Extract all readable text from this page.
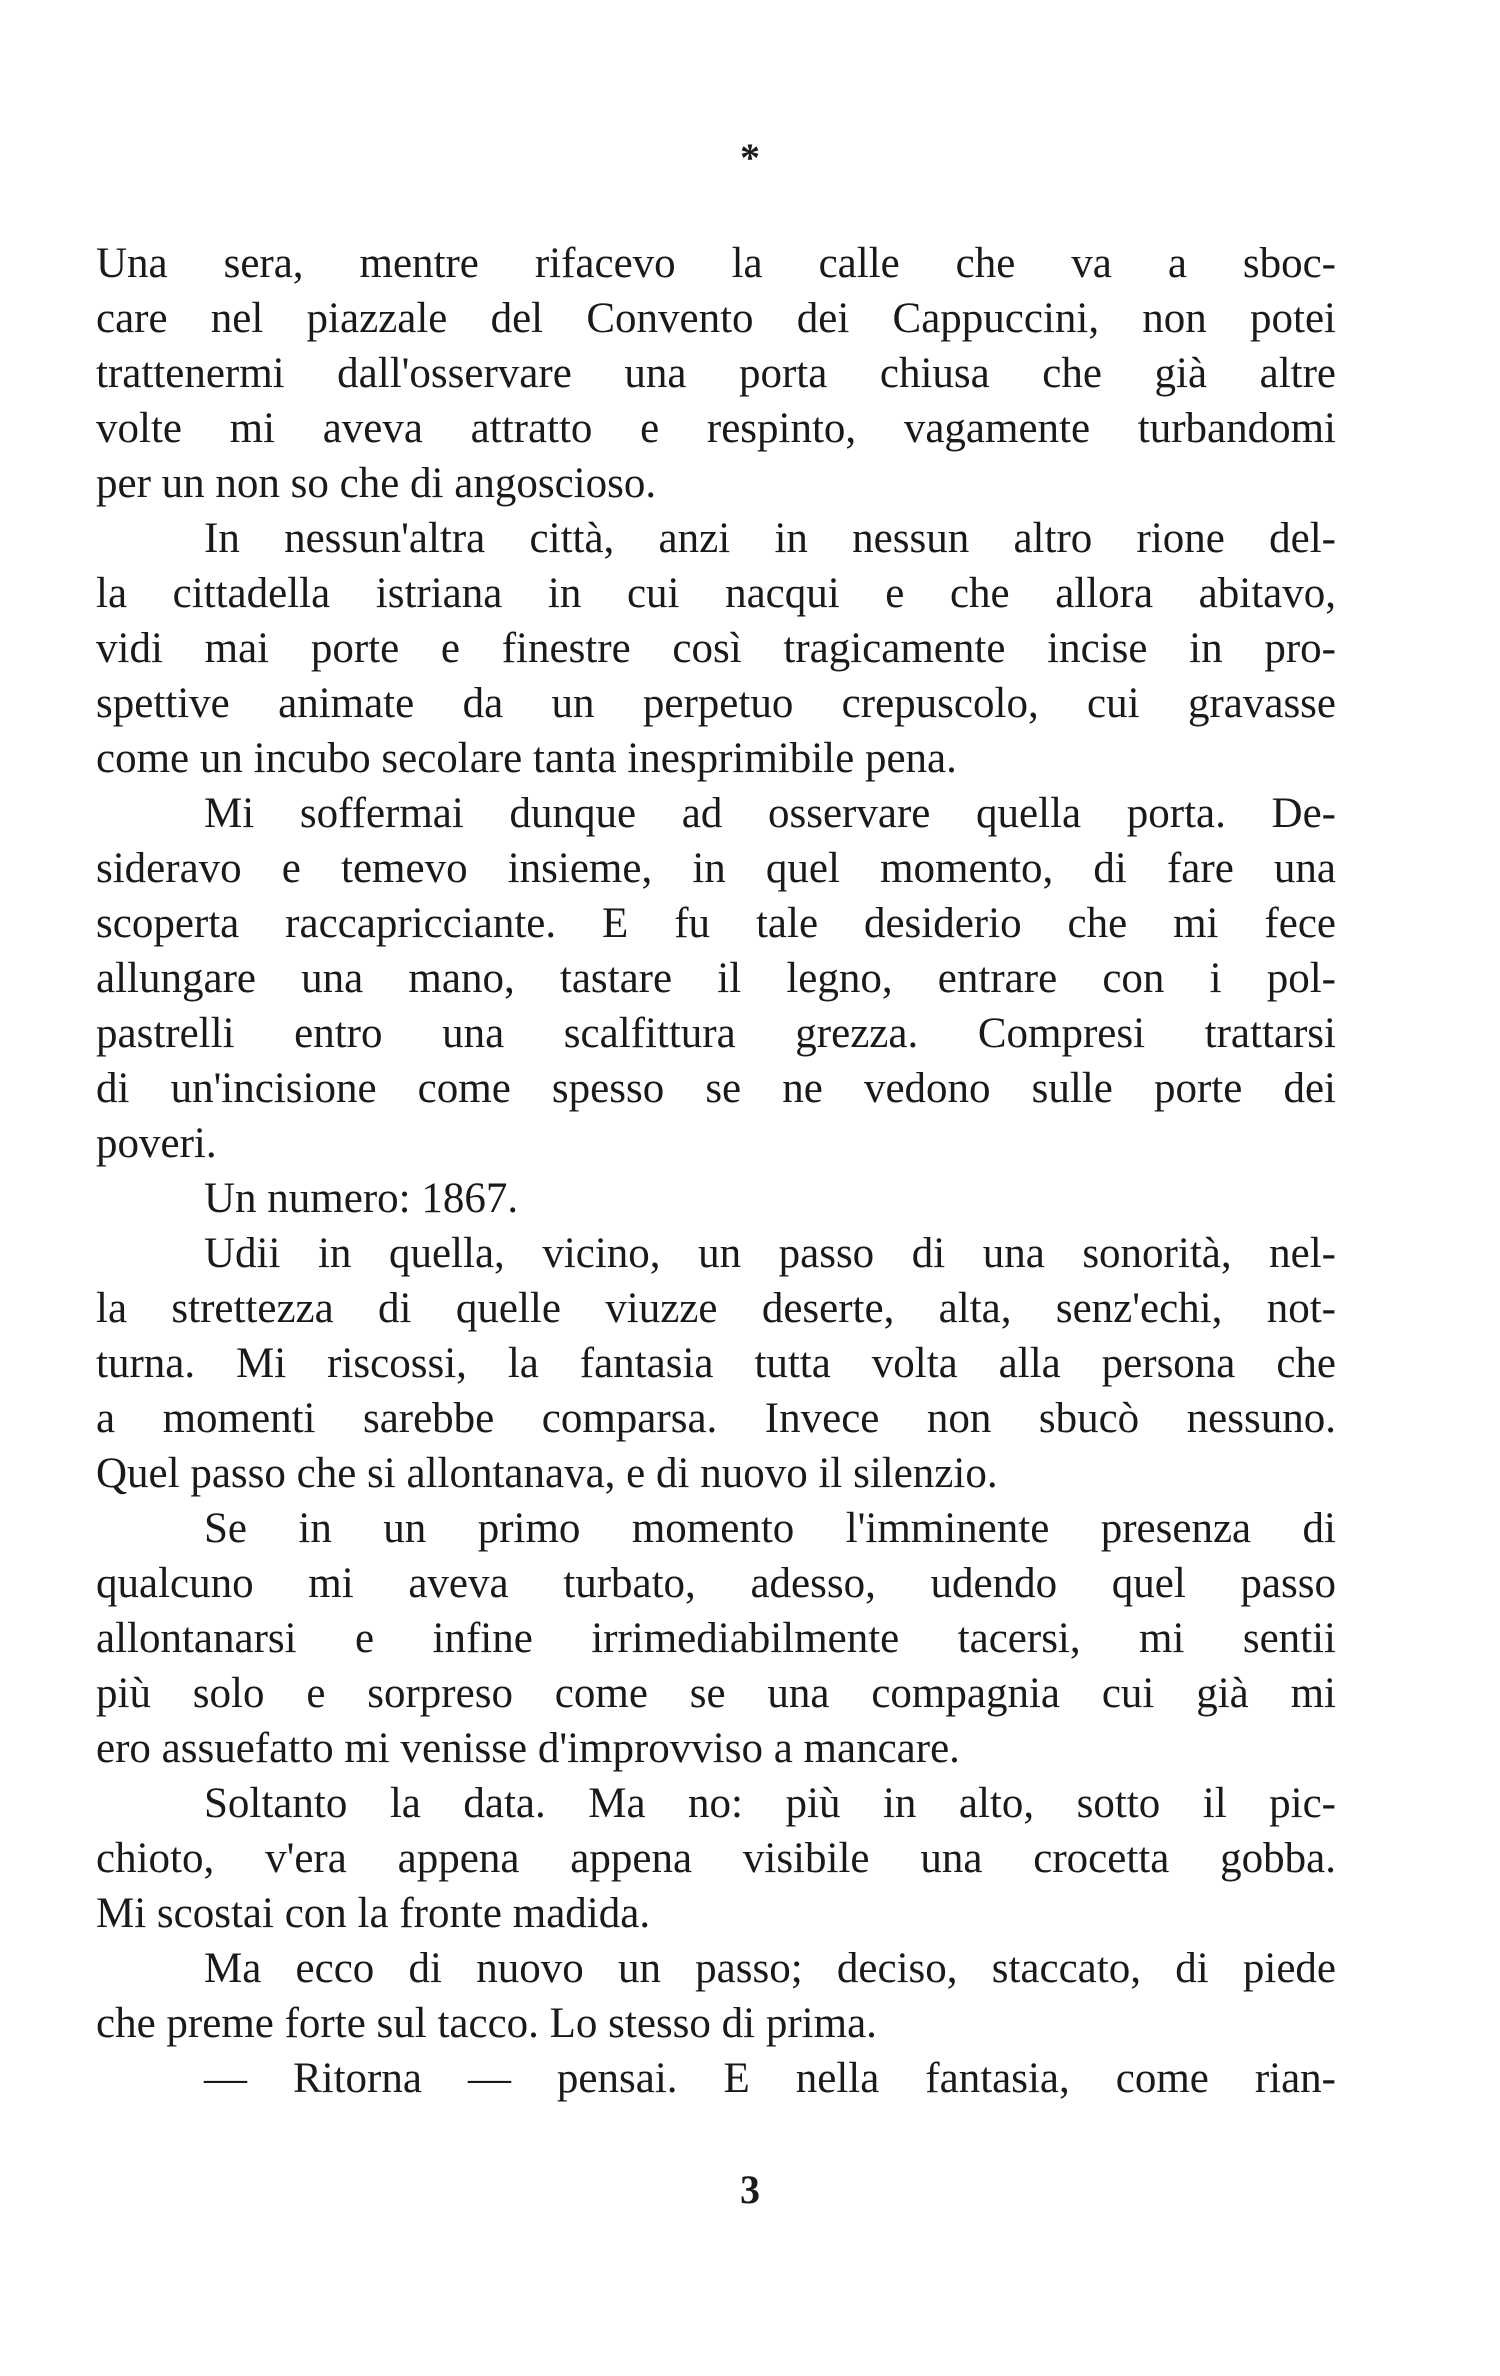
*
Una sera, mentre rifacevo la calle che va a sboc-
care nel piazzale del Convento dei Cappuccini, non potei
trattenermi dall'osservare una porta chiusa che già altre
volte mi aveva attratto e respinto, vagamente turbandomi
per un non so che di angoscioso.
In nessun'altra città, anzi in nessun altro rione del-
la cittadella istriana in cui nacqui e che allora abitavo,
vidi mai porte e finestre così tragicamente incise in pro-
spettive animate da un perpetuo crepuscolo, cui gravasse
come un incubo secolare tanta inesprimibile pena.
Mi soffermai dunque ad osservare quella porta. De-
sideravo e temevo insieme, in quel momento, di fare una
scoperta raccapricciante. E fu tale desiderio che mi fece
allungare una mano, tastare il legno, entrare con i pol-
pastrelli entro una scalfittura grezza. Compresi trattarsi
di un'incisione come spesso se ne vedono sulle porte dei
poveri.
Un numero: 1867.
Udii in quella, vicino, un passo di una sonorità, nel-
la strettezza di quelle viuzze deserte, alta, senz'echi, not-
turna. Mi riscossi, la fantasia tutta volta alla persona che
a momenti sarebbe comparsa. Invece non sbucò nessuno.
Quel passo che si allontanava, e di nuovo il silenzio.
Se in un primo momento l'imminente presenza di
qualcuno mi aveva turbato, adesso, udendo quel passo
allontanarsi e infine irrimediabilmente tacersi, mi sentii
più solo e sorpreso come se una compagnia cui già mi
ero assuefatto mi venisse d'improvviso a mancare.
Soltanto la data. Ma no: più in alto, sotto il pic-
chioto, v'era appena appena visibile una crocetta gobba.
Mi scostai con la fronte madida.
Ma ecco di nuovo un passo; deciso, staccato, di piede
che preme forte sul tacco. Lo stesso di prima.
— Ritorna — pensai. E nella fantasia, come rian-
3
